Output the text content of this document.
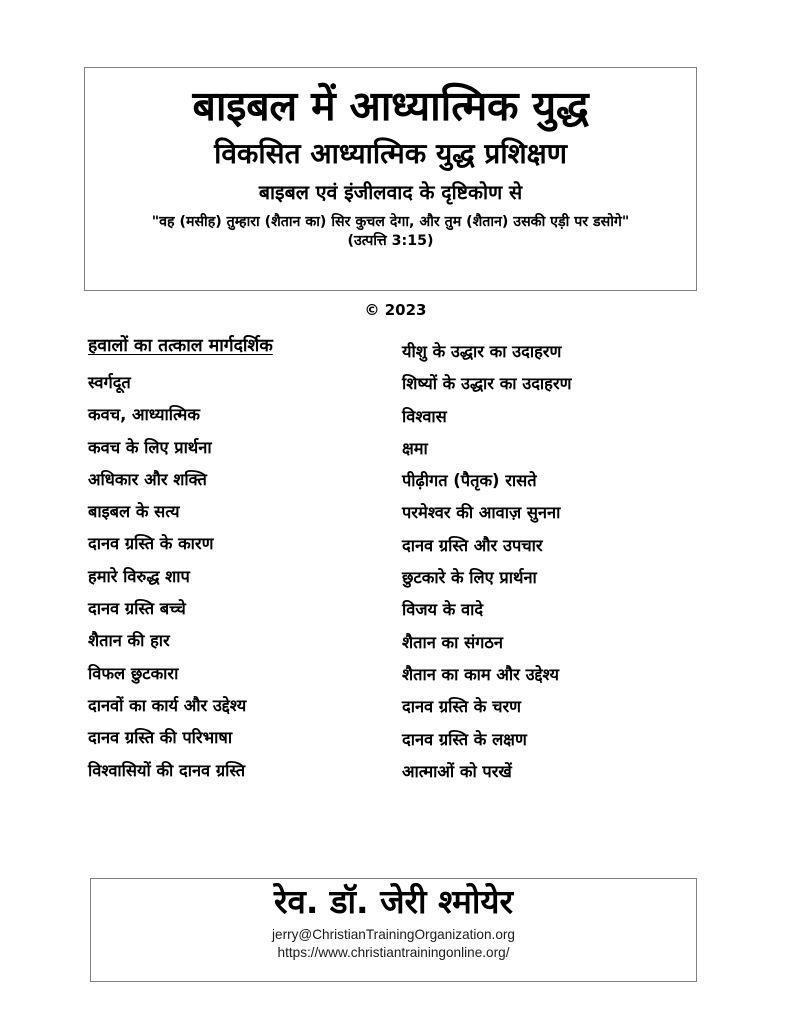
बाइबल में आध्यात्मिक युद्ध
विकसित आध्यात्मिक युद्ध प्रशिक्षण
बाइबल एवं इंजीलवाद के दृष्टिकोण से
"वह (मसीह) तुम्हारा (शैतान का) सिर कुचल देगा, और तुम (शैतान) उसकी एड़ी पर डसोगे"
(उत्पत्ति 3:15)
© 2023
हवालों का तत्काल मार्गदर्शिक
स्वर्गदूत
कवच, आध्यात्मिक
कवच के लिए प्रार्थना
अधिकार और शक्ति
बाइबल के सत्य
दानव ग्रस्ति के कारण
हमारे विरुद्ध शाप
दानव ग्रस्ति बच्चे
शैतान की हार
विफल छुटकारा
दानवों का कार्य और उद्देश्य
दानव ग्रस्ति की परिभाषा
विश्वासियों की दानव ग्रस्ति
यीशु के उद्धार का उदाहरण
शिष्यों के उद्धार का उदाहरण
विश्वास
क्षमा
पीढ़ीगत (पैतृक) रासते
परमेश्वर की आवाज़ सुनना
दानव ग्रस्ति और उपचार
छुटकारे के लिए प्रार्थना
विजय के वादे
शैतान का संगठन
शैतान का काम और उद्देश्य
दानव ग्रस्ति के चरण
दानव ग्रस्ति के लक्षण
आत्माओं को परखें
रेव. डॉ. जेरी श्मोयेर
jerry@ChristianTrainingOrganization.org
https://www.christiantrainingonline.org/
